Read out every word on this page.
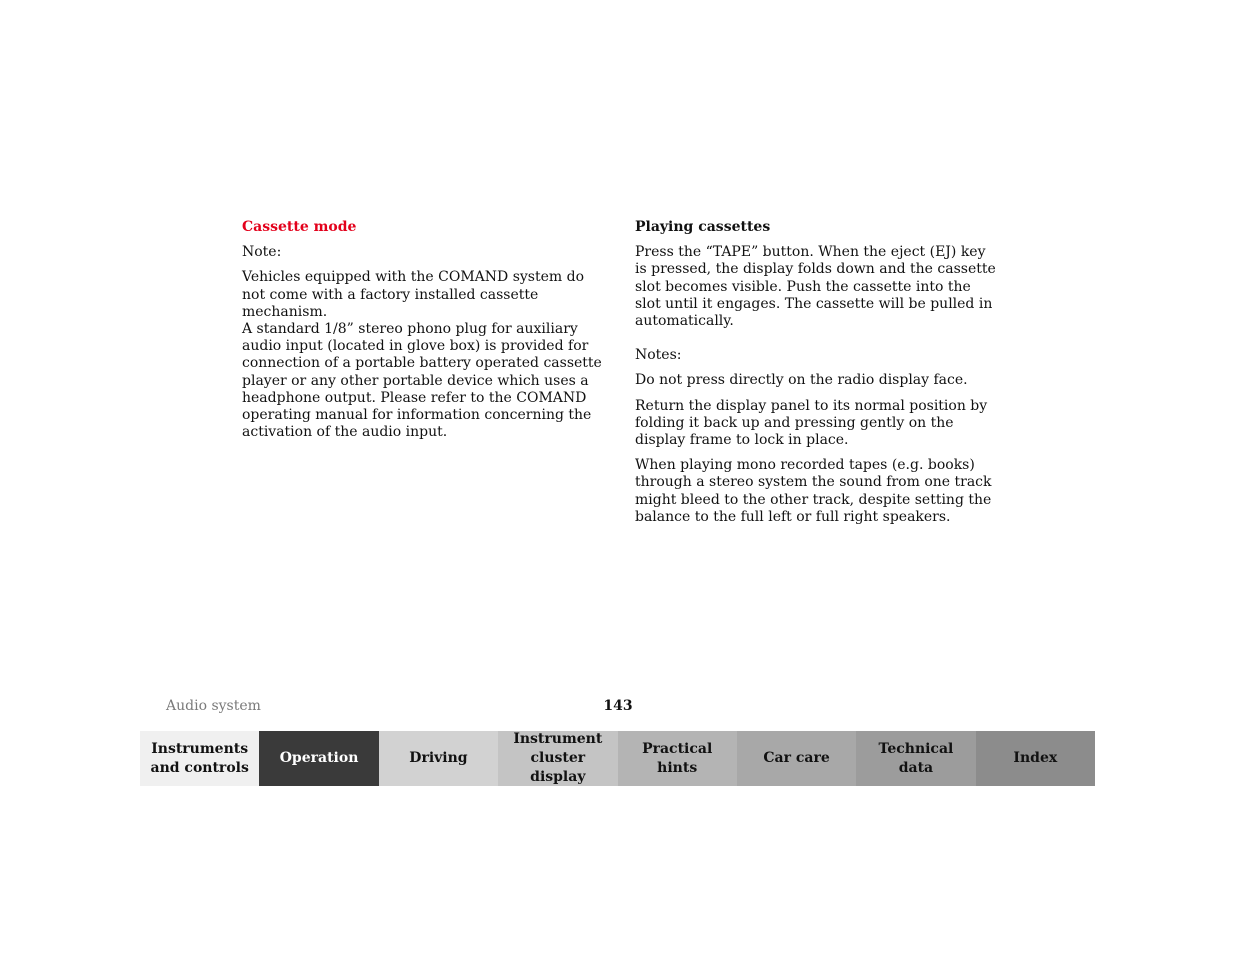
Cassette mode

Note:

Vehicles equipped with the COMAND system do not come with a factory installed cassette mechanism.

A standard 1/8” stereo phono plug for auxiliary audio input (located in glove box) is provided for connection of a portable battery operated cassette player or any other portable device which uses a headphone output. Please refer to the COMAND operating manual for information concerning the activation of the audio input.

Playing cassettes

Press the “TAPE” button. When the eject (EJ) key is pressed, the display folds down and the cassette slot becomes visible. Push the cassette into the slot until it engages. The cassette will be pulled in automatically.

Notes:

Do not press directly on the radio display face.

Return the display panel to its normal position by folding it back up and pressing gently on the display frame to lock in place.

When playing mono recorded tapes (e.g. books) through a stereo system the sound from one track might bleed to the other track, despite setting the balance to the full left or full right speakers.

Audio system	143
Instruments
and controls
Operation	Driving
Instrument
cluster display
Practical hints
Car care
Technical
data
Index
